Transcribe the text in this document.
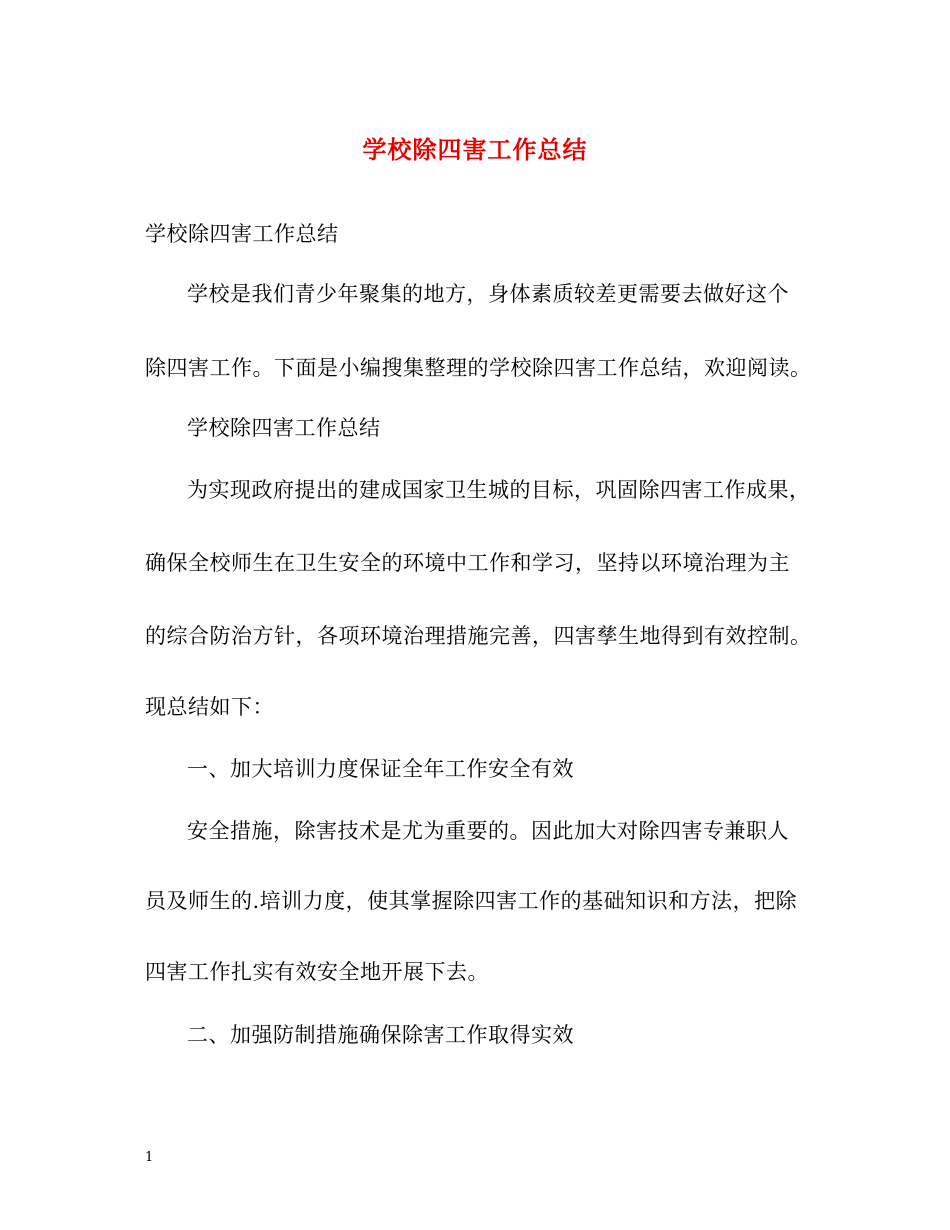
学校除四害工作总结
学校除四害工作总结
学校是我们青少年聚集的地方，身体素质较差更需要去做好这个
除四害工作。下面是小编搜集整理的学校除四害工作总结，欢迎阅读。
学校除四害工作总结
为实现政府提出的建成国家卫生城的目标，巩固除四害工作成果，
确保全校师生在卫生安全的环境中工作和学习，坚持以环境治理为主
的综合防治方针，各项环境治理措施完善，四害孳生地得到有效控制。
现总结如下：
一、加大培训力度保证全年工作安全有效
安全措施，除害技术是尤为重要的。因此加大对除四害专兼职人
员及师生的.培训力度，使其掌握除四害工作的基础知识和方法，把除
四害工作扎实有效安全地开展下去。
二、加强防制措施确保除害工作取得实效
1
